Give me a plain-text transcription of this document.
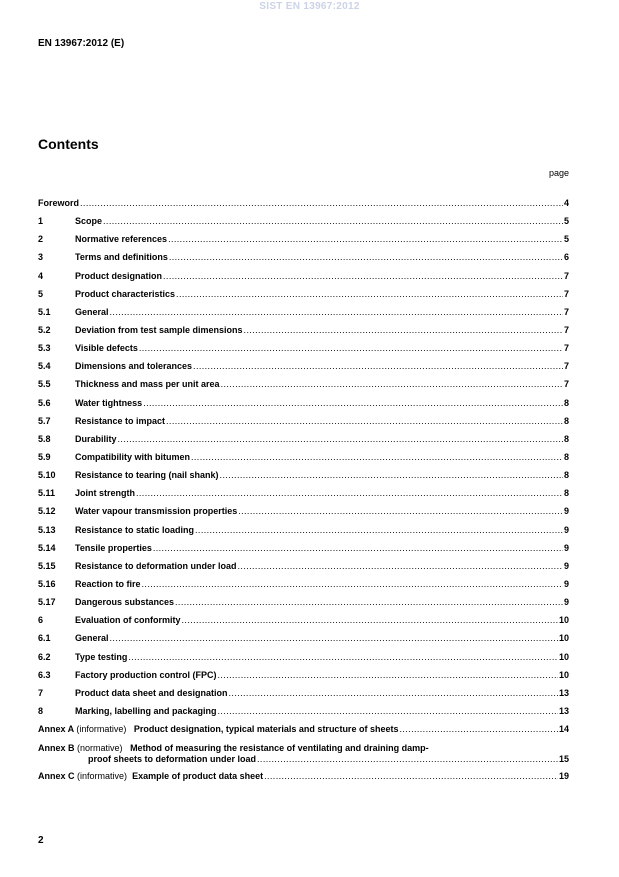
SIST EN 13967:2012
EN 13967:2012 (E)
Contents
page
Foreword .....	4
1	Scope .....	5
2	Normative references .....	5
3	Terms and definitions .....	6
4	Product designation .....	7
5	Product characteristics .....	7
5.1	General .....	7
5.2	Deviation from test sample dimensions .....	7
5.3	Visible defects .....	7
5.4	Dimensions and tolerances .....	7
5.5	Thickness and mass per unit area .....	7
5.6	Water tightness .....	8
5.7	Resistance to impact .....	8
5.8	Durability .....	8
5.9	Compatibility with bitumen .....	8
5.10	Resistance to tearing (nail shank) .....	8
5.11	Joint strength .....	8
5.12	Water vapour transmission properties .....	9
5.13	Resistance to static loading .....	9
5.14	Tensile properties .....	9
5.15	Resistance to deformation under load .....	9
5.16	Reaction to fire .....	9
5.17	Dangerous substances .....	9
6	Evaluation of conformity .....	10
6.1	General .....	10
6.2	Type testing .....	10
6.3	Factory production control (FPC) .....	10
7	Product data sheet and designation .....	13
8	Marking, labelling and packaging .....	13
Annex A (informative) Product designation, typical materials and structure of sheets .....	14
Annex B (normative) Method of measuring the resistance of ventilating and draining damp-
proof sheets to deformation under load .....	15
Annex C (informative) Example of product data sheet .....	19
2
